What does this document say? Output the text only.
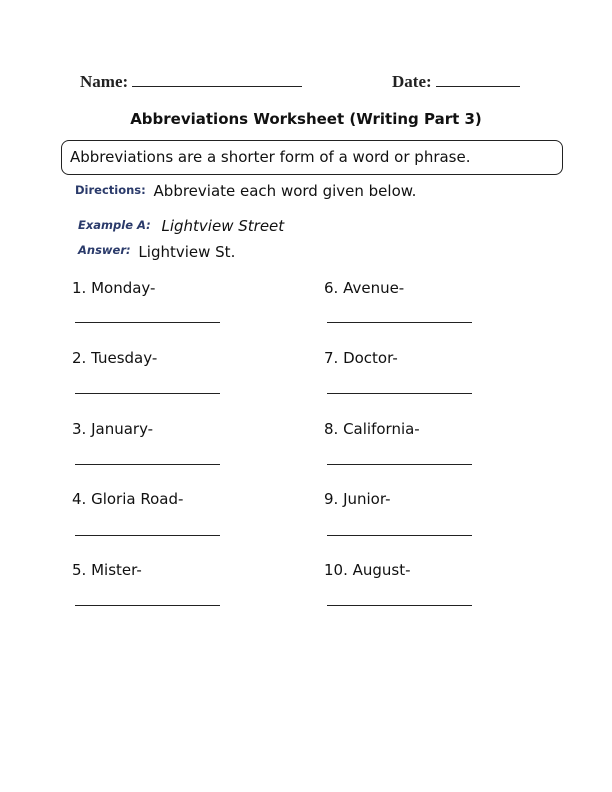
Name:	Date:
Abbreviations Worksheet (Writing Part 3)
Abbreviations are a shorter form of a word or phrase.
Directions: Abbreviate each word given below.
Example A: Lightview Street
$^{Answer:}$ Lightview St.
1. Monday-
2. Tuesday-
3. January-
4. Gloria Road-
5. Mister-
6. Avenue-
7. Doctor-
8. California-
9. Junior-
10. August-
